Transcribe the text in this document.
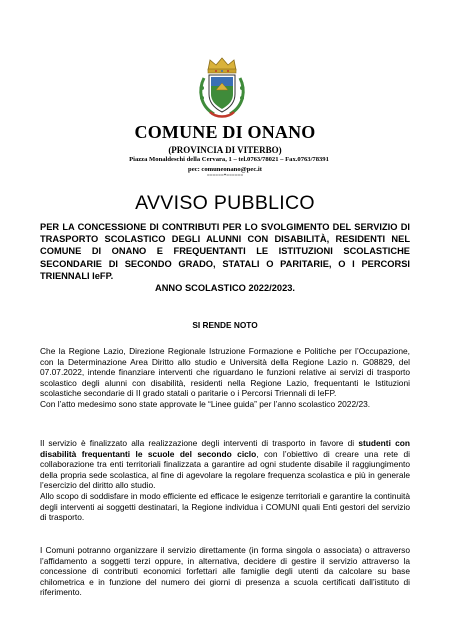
COMUNE DI ONANO
(PROVINCIA DI VITERBO)
Piazza Monaldeschi della Cervara, 1 – tel.0763/78021 – Fax.0763/78391
pec: comuneonano@pec.it
======*======
AVVISO PUBBLICO
PER LA CONCESSIONE DI CONTRIBUTI PER LO SVOLGIMENTO DEL SERVIZIO DI TRASPORTO SCOLASTICO DEGLI ALUNNI CON DISABILITÀ, RESIDENTI NEL COMUNE DI ONANO E FREQUENTANTI LE ISTITUZIONI SCOLASTICHE SECONDARIE DI SECONDO GRADO, STATALI O PARITARIE, O I PERCORSI TRIENNALI IeFP.
ANNO SCOLASTICO 2022/2023.
SI RENDE NOTO
Che la Regione Lazio, Direzione Regionale Istruzione Formazione e Politiche per l’Occupazione, con la Determinazione Area Diritto allo studio e Università della Regione Lazio n. G08829, del 07.07.2022, intende finanziare interventi che riguardano le funzioni relative ai servizi di trasporto scolastico degli alunni con disabilità, residenti nella Regione Lazio, frequentanti le Istituzioni scolastiche secondarie di II grado statali o paritarie o i Percorsi Triennali di IeFP.
Con l’atto medesimo sono state approvate le “Linee guida” per l’anno scolastico 2022/23.
Il servizio è finalizzato alla realizzazione degli interventi di trasporto in favore di studenti con disabilità frequentanti le scuole del secondo ciclo, con l’obiettivo di creare una rete di collaborazione tra enti territoriali finalizzata a garantire ad ogni studente disabile il raggiungimento della propria sede scolastica, al fine di agevolare la regolare frequenza scolastica e più in generale l’esercizio del diritto allo studio.
Allo scopo di soddisfare in modo efficiente ed efficace le esigenze territoriali e garantire la continuità degli interventi ai soggetti destinatari, la Regione individua i COMUNI quali Enti gestori del servizio di trasporto.
I Comuni potranno organizzare il servizio direttamente (in forma singola o associata) o attraverso l’affidamento a soggetti terzi oppure, in alternativa, decidere di gestire il servizio attraverso la concessione di contributi economici forfettari alle famiglie degli utenti da calcolare su base chilometrica e in funzione del numero dei giorni di presenza a scuola certificati dall’istituto di riferimento.
